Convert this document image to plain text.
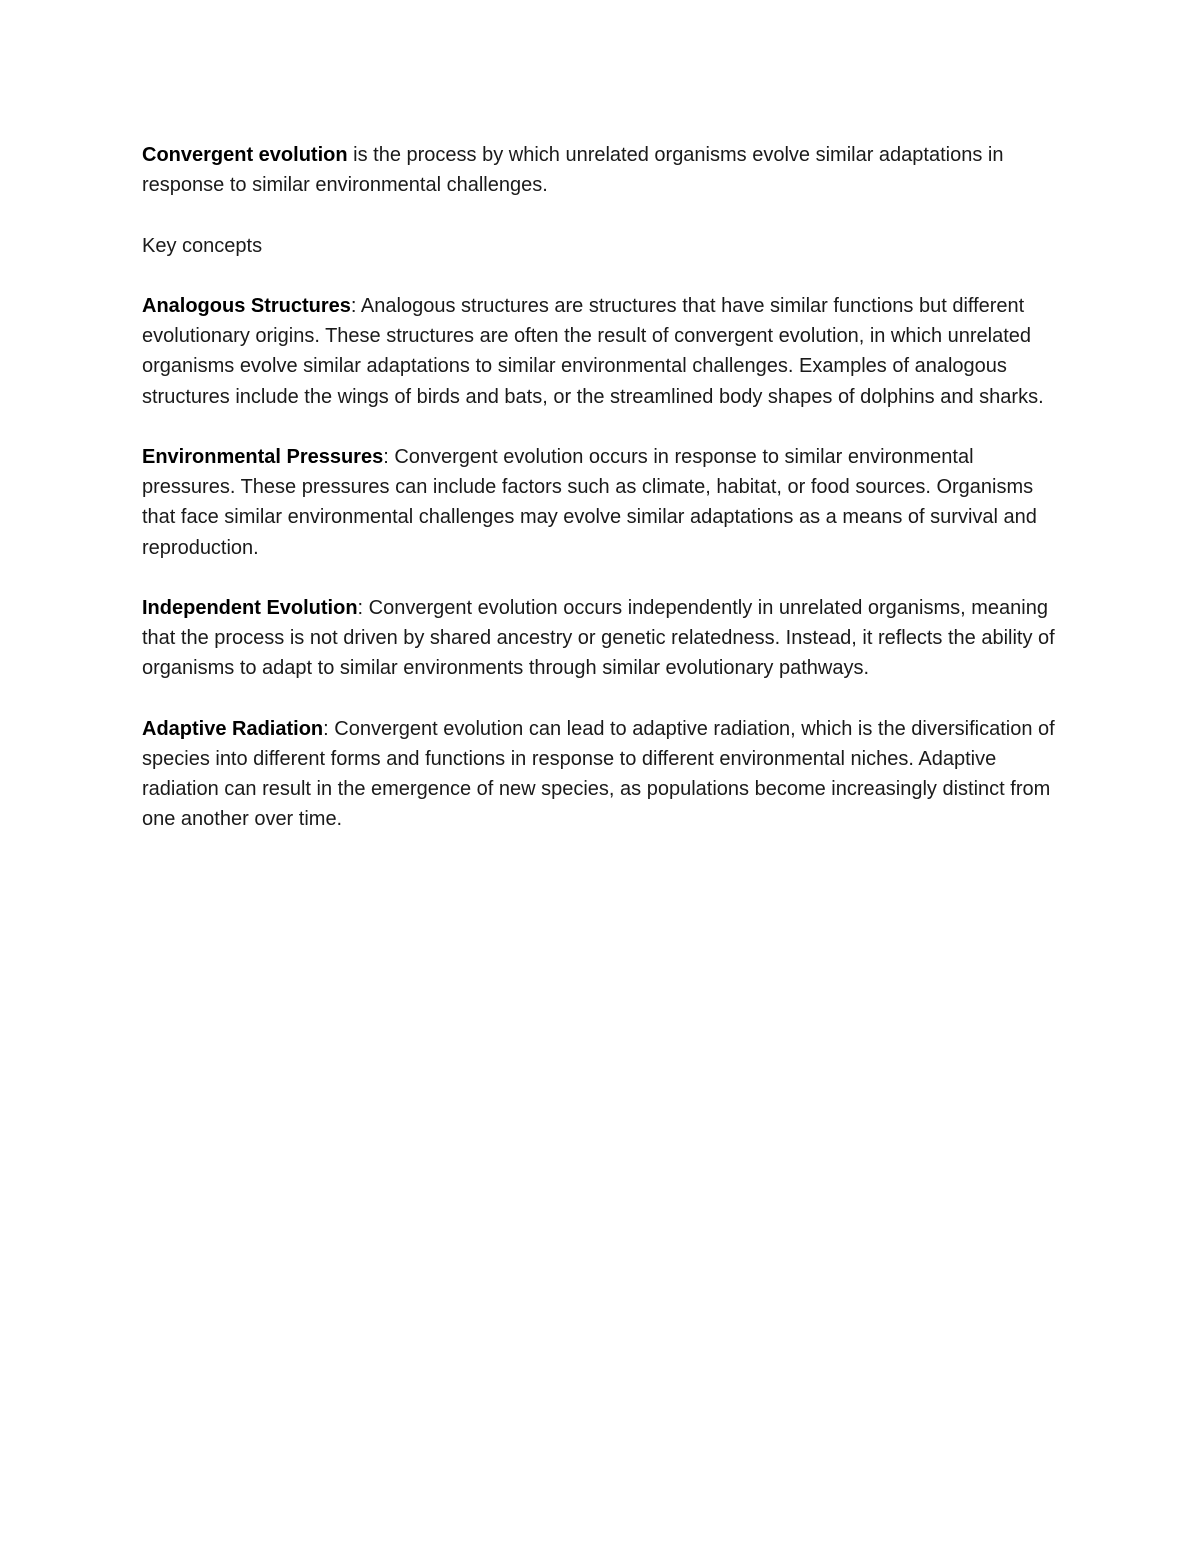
Convergent evolution is the process by which unrelated organisms evolve similar adaptations in response to similar environmental challenges.

Key concepts

Analogous Structures: Analogous structures are structures that have similar functions but different evolutionary origins. These structures are often the result of convergent evolution, in which unrelated organisms evolve similar adaptations to similar environmental challenges. Examples of analogous structures include the wings of birds and bats, or the streamlined body shapes of dolphins and sharks.

Environmental Pressures: Convergent evolution occurs in response to similar environmental pressures. These pressures can include factors such as climate, habitat, or food sources. Organisms that face similar environmental challenges may evolve similar adaptations as a means of survival and reproduction.

Independent Evolution: Convergent evolution occurs independently in unrelated organisms, meaning that the process is not driven by shared ancestry or genetic relatedness. Instead, it reflects the ability of organisms to adapt to similar environments through similar evolutionary pathways.

Adaptive Radiation: Convergent evolution can lead to adaptive radiation, which is the diversification of species into different forms and functions in response to different environmental niches. Adaptive radiation can result in the emergence of new species, as populations become increasingly distinct from one another over time.
